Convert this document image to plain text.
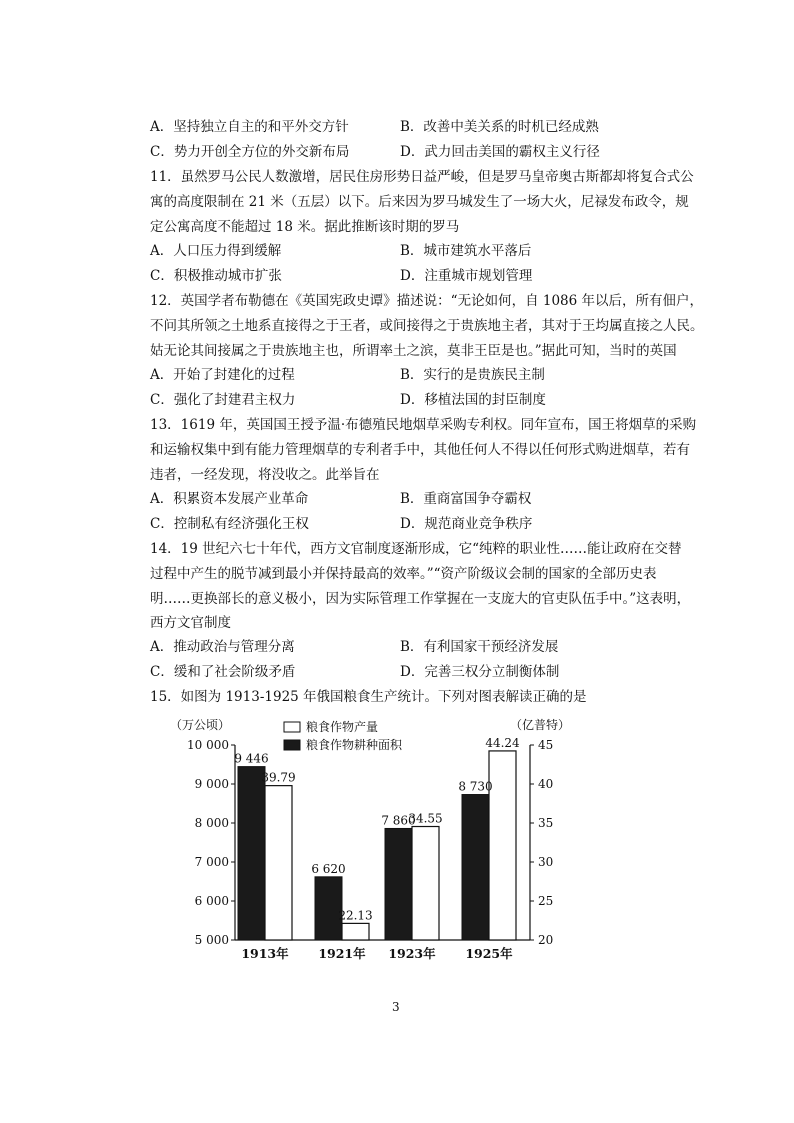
A．坚持独立自主的和平外交方针	B．改善中美关系的时机已经成熟
C．势力开创全方位的外交新布局	D．武力回击美国的霸权主义行径
11．虽然罗马公民人数激增，居民住房形势日益严峻，但是罗马皇帝奥古斯都却将复合式公
寓的高度限制在 21 米（五层）以下。后来因为罗马城发生了一场大火，尼禄发布政令，规
定公寓高度不能超过 18 米。据此推断该时期的罗马
A．人口压力得到缓解	B．城市建筑水平落后
C．积极推动城市扩张	D．注重城市规划管理
12．英国学者布勒德在《英国宪政史谭》描述说：“无论如何，自 1086 年以后，所有佃户，
不问其所领之土地系直接得之于王者，或间接得之于贵族地主者，其对于王均属直接之人民。
姑无论其间接属之于贵族地主也，所谓率土之滨，莫非王臣是也。”据此可知，当时的英国
A．开始了封建化的过程	B．实行的是贵族民主制
C．强化了封建君主权力	D．移植法国的封臣制度
13．1619 年，英国国王授予温·布德殖民地烟草采购专利权。同年宣布，国王将烟草的采购
和运输权集中到有能力管理烟草的专利者手中，其他任何人不得以任何形式购进烟草，若有
违者，一经发现，将没收之。此举旨在
A．积累资本发展产业革命	B．重商富国争夺霸权
C．控制私有经济强化王权	D．规范商业竞争秩序
14．19 世纪六七十年代，西方文官制度逐渐形成，它“纯粹的职业性……能让政府在交替
过程中产生的脱节减到最小并保持最高的效率。”“资产阶级议会制的国家的全部历史表
明……更换部长的意义极小，因为实际管理工作掌握在一支庞大的官吏队伍手中。”这表明，
西方文官制度
A．推动政治与管理分离	B．有利国家干预经济发展
C．缓和了社会阶级矛盾	D．完善三权分立制衡体制
15．如图为 1913-1925 年俄国粮食生产统计。下列对图表解读正确的是
（万公顷）	（亿普特）
粮食作物产量
粮食作物耕种面积
5 000
6 000
7 000
8 000
9 000
10 000
20
25
30
35
40
45
9 446
39.79
1913年
6 620
22.13
1921年
7 860
34.55
1923年
8 730
44.24
1925年
3
